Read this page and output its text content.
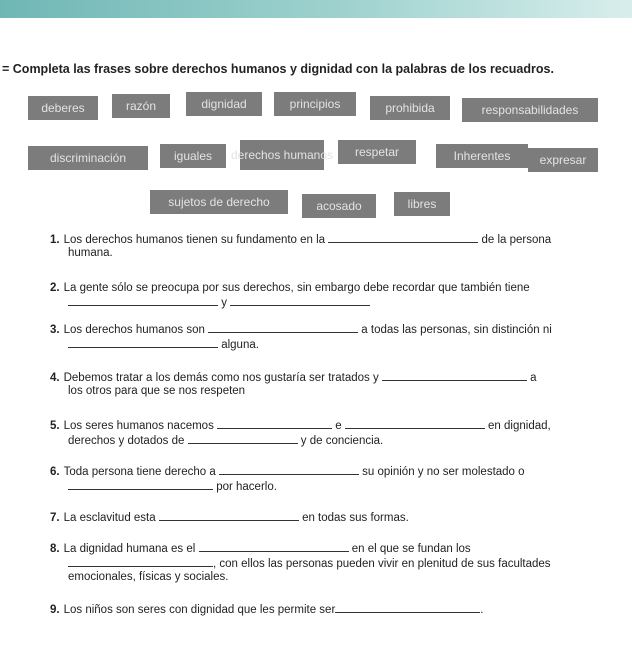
= Completa las frases sobre derechos humanos y dignidad con la palabras de los recuadros.
deberes	razón	dignidad	principios	prohibida	responsabilidades
discriminación	iguales	derechos humanos	respetar	Inherentes	expresar
sujetos de derecho	acosado	libres
1. Los derechos humanos tienen su fundamento en la	de la persona
humana.
2. La gente sólo se preocupa por sus derechos, sin embargo debe recordar que también tiene
y
3. Los derechos humanos son	a todas las personas, sin distinción ni
alguna.
4. Debemos tratar a los demás como nos gustaría ser tratados y	a
los otros para que se nos respeten
5. Los seres humanos nacemos	e	en dignidad,
derechos y dotados de	y de conciencia.
6. Toda persona tiene derecho a	su opinión y no ser molestado o
por hacerlo.
7. La esclavitud esta	en todas sus formas.
8. La dignidad humana es el	en el que se fundan los
, con ellos las personas pueden vivir en plenitud de sus facultades
emocionales, físicas y sociales.
9. Los niños son seres con dignidad que les permite ser	.
